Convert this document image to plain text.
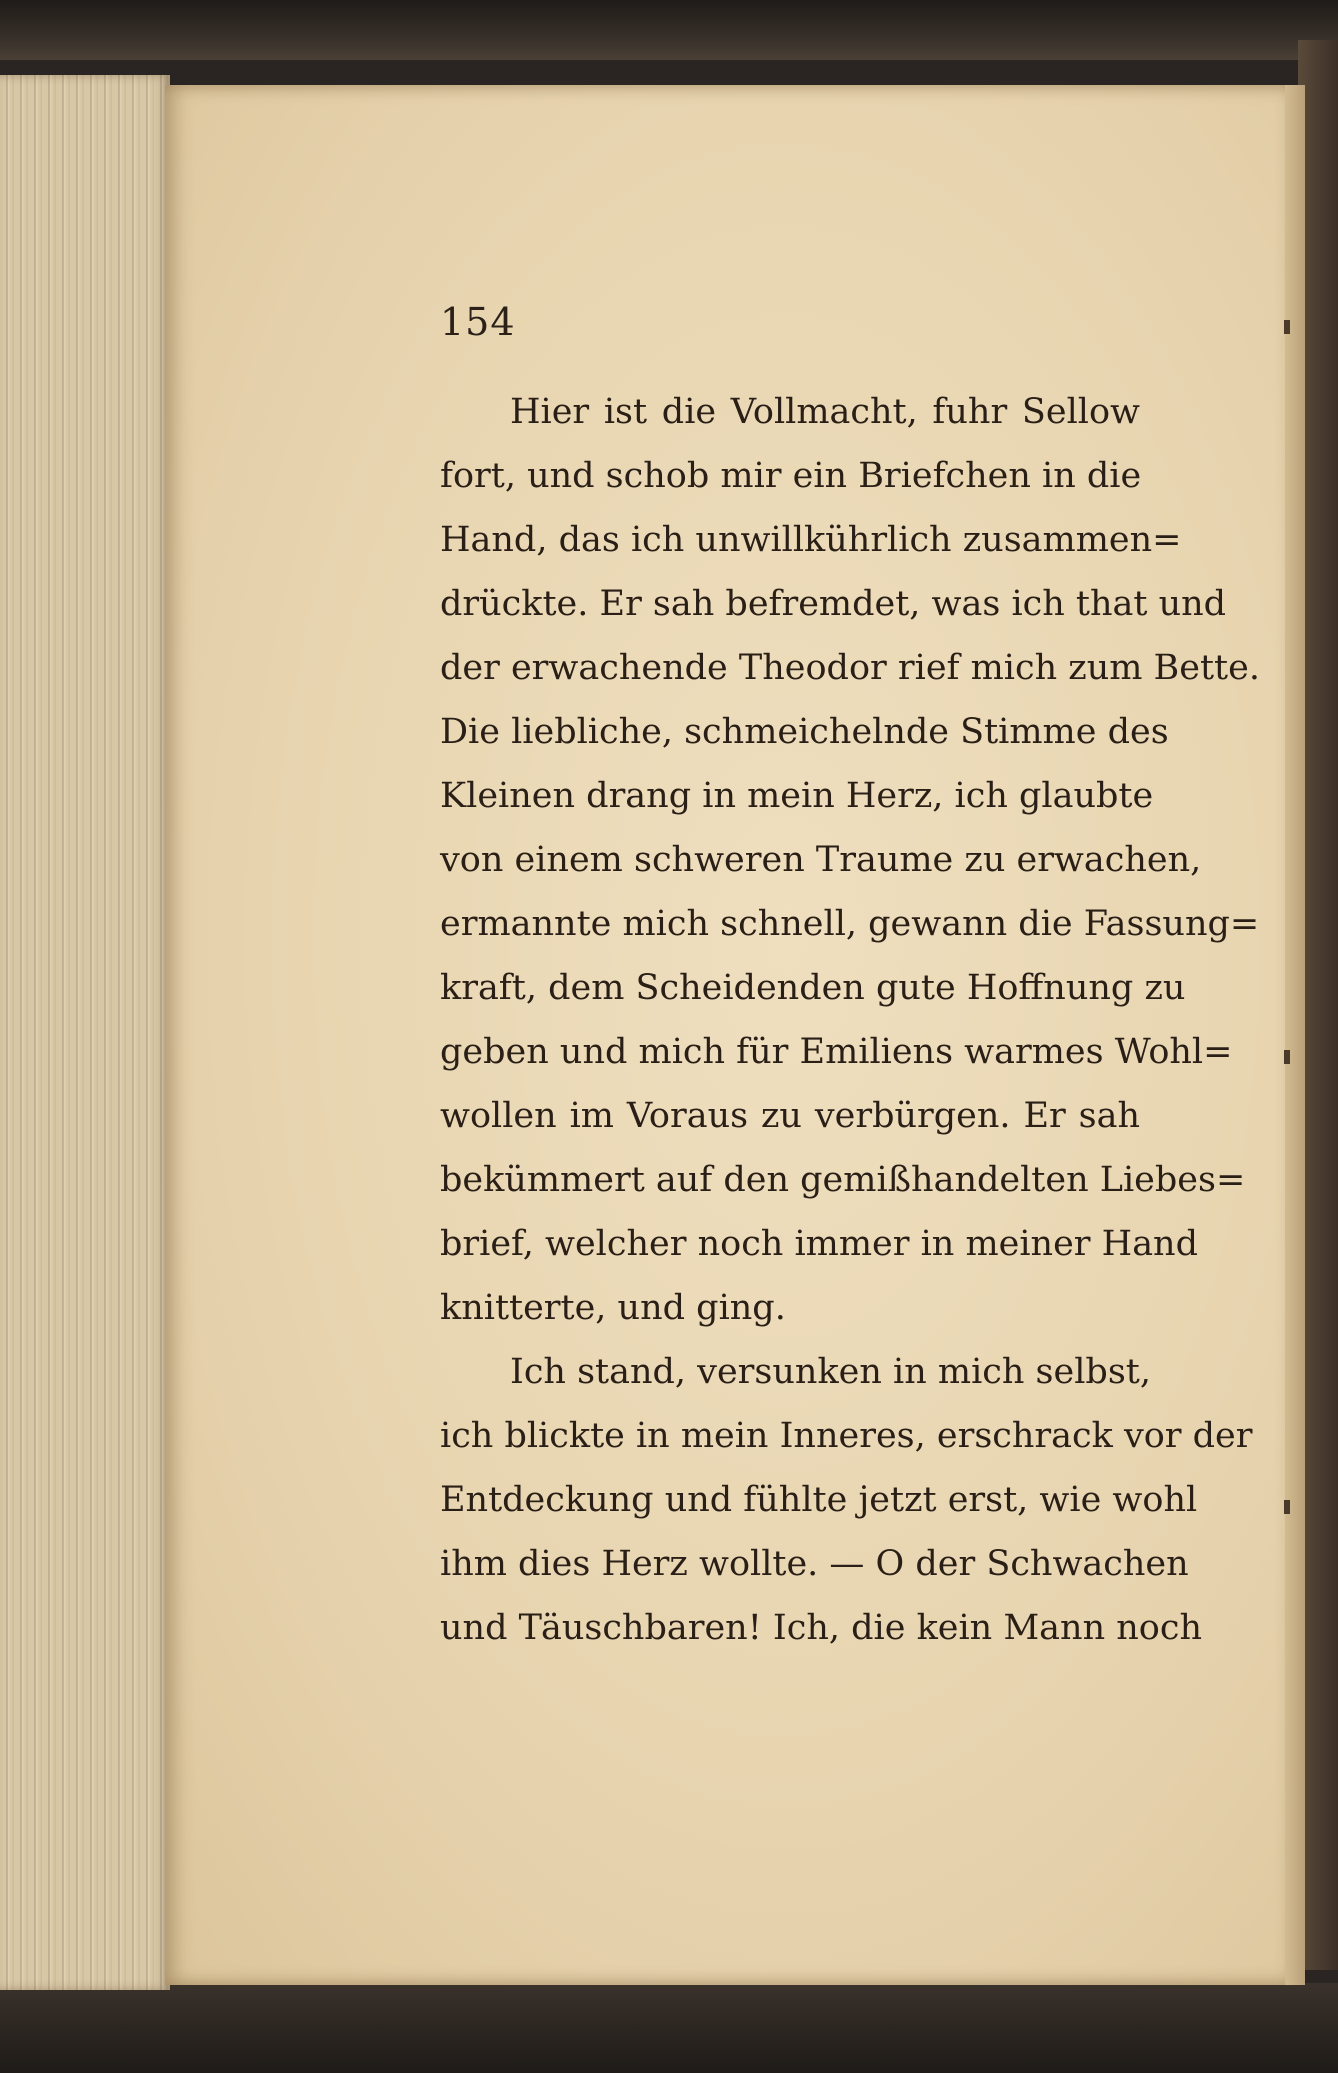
154
Hier ist die Vollmacht, fuhr Sellow
fort, und schob mir ein Briefchen in die
Hand, das ich unwillkührlich zusammen=
drückte. Er sah befremdet, was ich that und
der erwachende Theodor rief mich zum Bette.
Die liebliche, schmeichelnde Stimme des
Kleinen drang in mein Herz, ich glaubte
von einem schweren Traume zu erwachen,
ermannte mich schnell, gewann die Fassung=
kraft, dem Scheidenden gute Hoffnung zu
geben und mich für Emiliens warmes Wohl=
wollen im Voraus zu verbürgen. Er sah
bekümmert auf den gemißhandelten Liebes=
brief, welcher noch immer in meiner Hand
knitterte, und ging.
Ich stand, versunken in mich selbst,
ich blickte in mein Inneres, erschrack vor der
Entdeckung und fühlte jetzt erst, wie wohl
ihm dies Herz wollte. — O der Schwachen
und Täuschbaren! Ich, die kein Mann noch
